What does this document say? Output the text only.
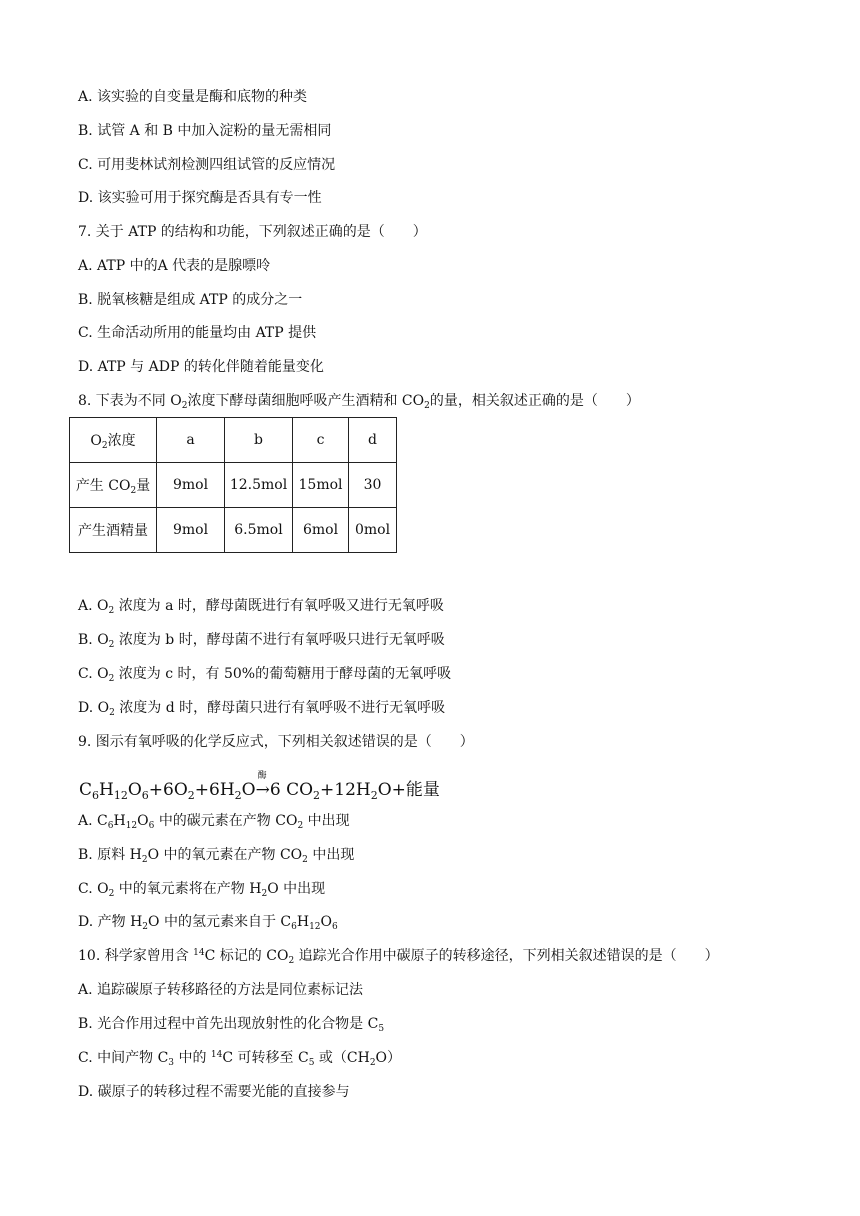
A. 该实验的自变量是酶和底物的种类
B. 试管 A 和 B 中加入淀粉的量无需相同
C. 可用斐林试剂检测四组试管的反应情况
D. 该实验可用于探究酶是否具有专一性
7. 关于 ATP 的结构和功能，下列叙述正确的是（　　）
A. ATP 中的A 代表的是腺嘌呤
B. 脱氧核糖是组成 ATP 的成分之一
C. 生命活动所用的能量均由 ATP 提供
D. ATP 与 ADP 的转化伴随着能量变化
8. 下表为不同 $O_2$浓度下酵母菌细胞呼吸产生酒精和 $CO_2$的量，相关叙述正确的是（　　）
$O_2$浓度	a	b	c	d
产生 $CO_2$量	9mol	12.5mol	15mol	30
产生酒精量	9mol	6.5mol	6mol	0mol
A. $O_2$ 浓度为 a 时，酵母菌既进行有氧呼吸又进行无氧呼吸
B. $O_2$ 浓度为 b 时，酵母菌不进行有氧呼吸只进行无氧呼吸
C. $O_2$ 浓度为 c 时，有 50%的葡萄糖用于酵母菌的无氧呼吸
D. $O_2$ 浓度为 d 时，酵母菌只进行有氧呼吸不进行无氧呼吸
9. 图示有氧呼吸的化学反应式，下列相关叙述错误的是（　　）
$C_6H_{12}O_6+6O_2+6H_2O$
酶
→6 $CO_2+12H_2O+$能量
A. $C_6H_{12}O_6$ 中的碳元素在产物 $CO_2$ 中出现
B. 原料 $H_2O$ 中的氧元素在产物 $CO_2$ 中出现
C. $O_2$ 中的氧元素将在产物 $H_2O$ 中出现
D. 产物 $H_2O$ 中的氢元素来自于 $C_6H_{12}O_6$
10. 科学家曾用含 $^{14}$C 标记的 $CO_2$ 追踪光合作用中碳原子的转移途径，下列相关叙述错误的是（　　）
A. 追踪碳原子转移路径的方法是同位素标记法
B. 光合作用过程中首先出现放射性的化合物是 $C_5$
C. 中间产物 $C_3$ 中的 $^{14}$C 可转移至 $C_5$ 或$(CH_2O)$
D. 碳原子的转移过程不需要光能的直接参与
